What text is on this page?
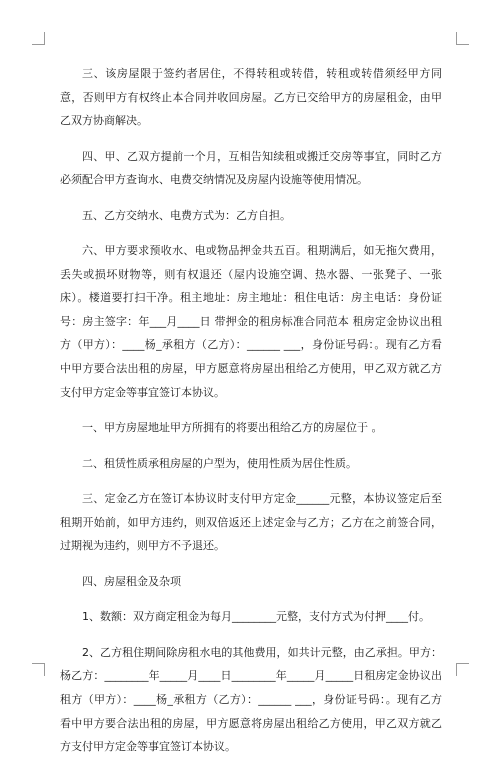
三、该房屋限于签约者居住，不得转租或转借，转租或转借须经甲方同意，否则甲方有权终止本合同并收回房屋。乙方已交给甲方的房屋租金，由甲乙双方协商解决。

四、甲、乙双方提前一个月，互相告知续租或搬迁交房等事宜，同时乙方必须配合甲方查询水、电费交纳情况及房屋内设施等使用情况。

五、乙方交纳水、电费方式为：乙方自担。

六、甲方要求预收水、电或物品押金共五百。租期满后，如无拖欠费用，丢失或损坏财物等，则有权退还（屋内设施空调、热水器、一张凳子、一张床）。楼道要打扫干净。租主地址：房主地址：租住电话：房主电话：身份证号：房主签字：年___月____日 带押金的租房标准合同范本 租房定金协议出租方（甲方）：____杨_承租方（乙方）：______ ___，身份证号码：。现有乙方看中甲方要合法出租的房屋，甲方愿意将房屋出租给乙方使用，甲乙双方就乙方支付甲方定金等事宜签订本协议。

一、甲方房屋地址甲方所拥有的将要出租给乙方的房屋位于 。

二、租赁性质承租房屋的户型为，使用性质为居住性质。

三、定金乙方在签订本协议时支付甲方定金______元整，本协议签定后至租期开始前，如甲方违约，则双倍返还上述定金与乙方；乙方在之前签合同，过期视为违约，则甲方不予退还。

四、房屋租金及杂项

1、数额：双方商定租金为每月________元整，支付方式为付押____付。

2、乙方租住期间除房租水电的其他费用，如共计元整，由乙承担。甲方：杨乙方：________年_____月____日________年_____月_____日租房定金协议出租方（甲方）：____杨_承租方（乙方）：______ ___，身份证号码：。现有乙方看中甲方要合法出租的房屋，甲方愿意将房屋出租给乙方使用，甲乙双方就乙方支付甲方定金等事宜签订本协议。
